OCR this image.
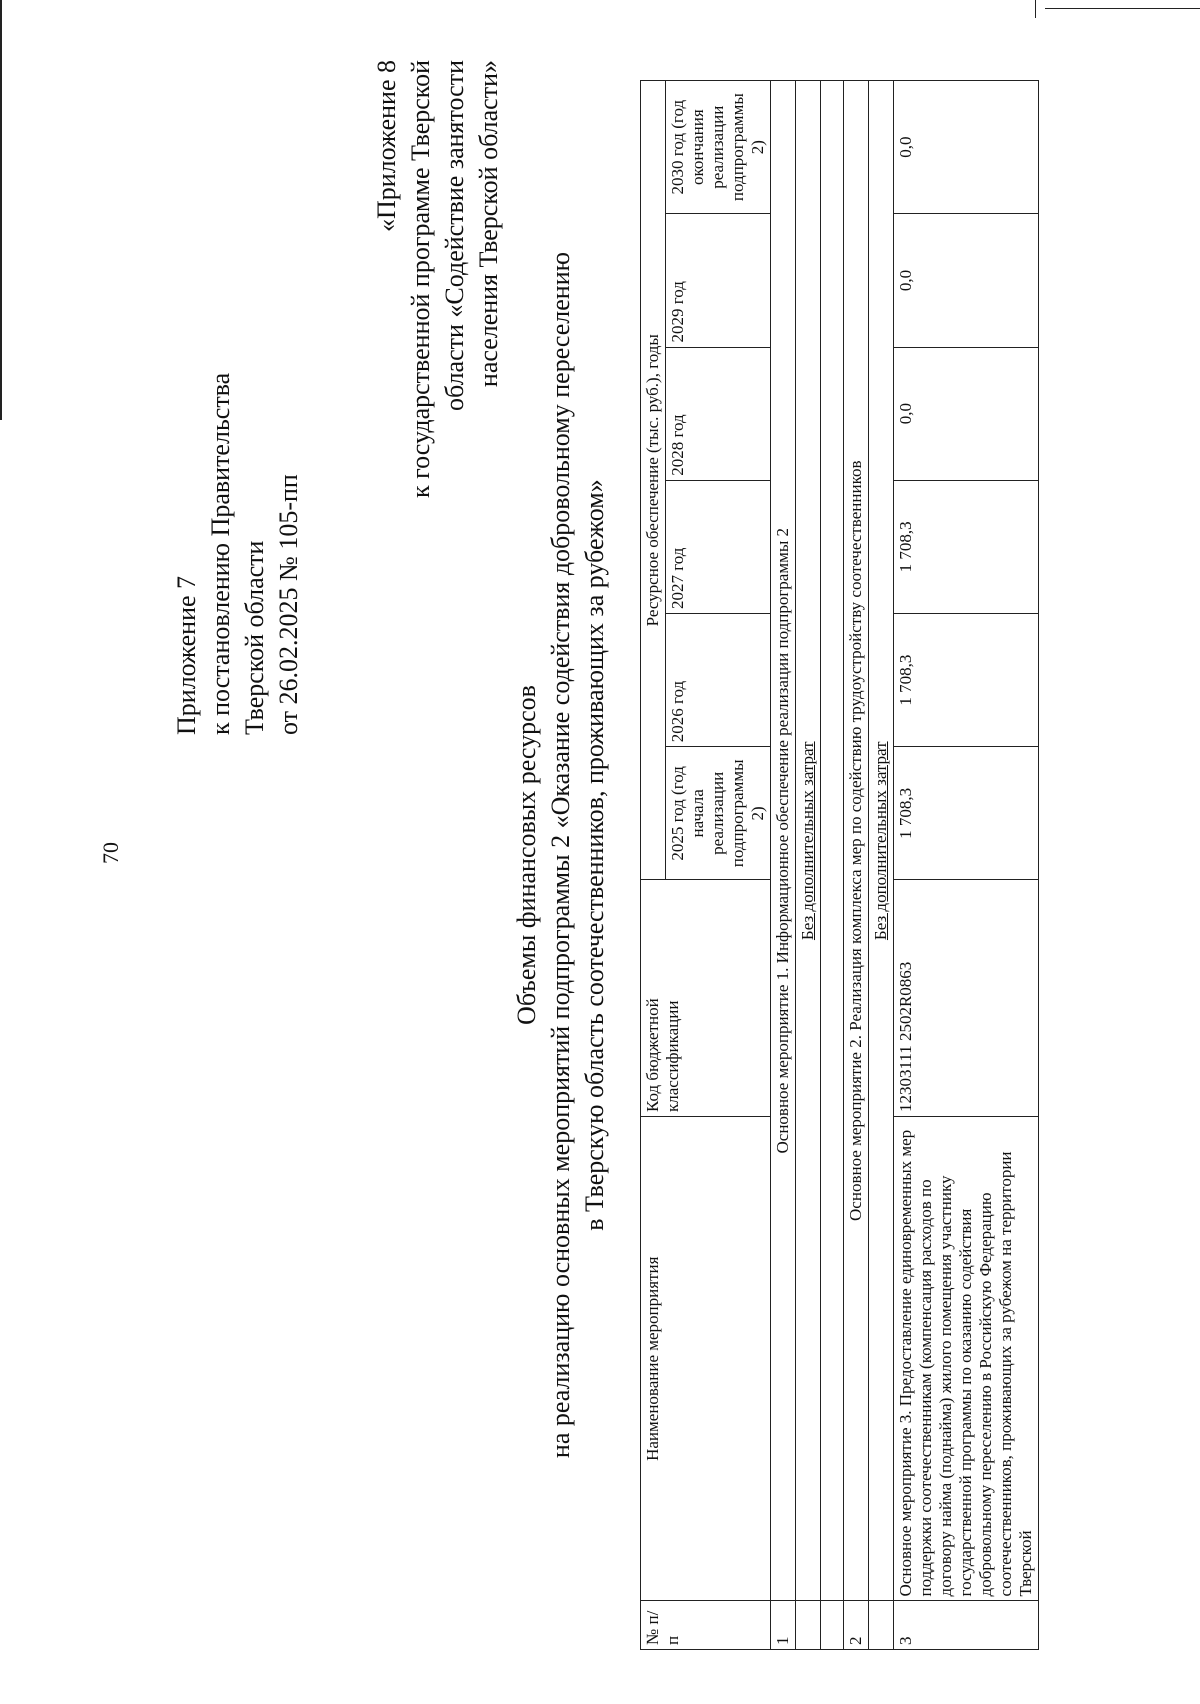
70
Приложение 7 к постановлению Правительства Тверской области от 26.02.2025 № 105-пп
«Приложение 8 к государственной программе Тверской области «Содействие занятости населения Тверской области»
Объемы финансовых ресурсов на реализацию основных мероприятий подпрограммы 2 «Оказание содействия добровольному переселению в Тверскую область соотечественников, проживающих за рубежом»
№ п/п	Наименование мероприятия	Код бюджетной классификации	Ресурсное обеспечение (тыс. руб.), годы					
			2025 год (год начала реализации подпрограммы 2)	2026 год	2027 год	2028 год	2029 год	2030 год (год окончания реализации подпрограммы 2)
1	Основное мероприятие 1. Информационное обеспечение реализации подпрограммы 2							
	Без дополнительных затрат							

2	Основное мероприятие 2. Реализация комплекса мер по содействию трудоустройству соотечественников							
	Без дополнительных затрат							
3	Основное мероприятие 3. Предоставление единовременных мер поддержки соотечественникам (компенсация расходов по договору найма (поднайма) жилого помещения участнику государственной программы по оказанию содействия добровольному переселению в Российскую Федерацию соотечественников, проживающих за рубежом на территории Тверской	12303111 2502R0863	1 708,3	1 708,3	1 708,3	0,0	0,0	0,0
